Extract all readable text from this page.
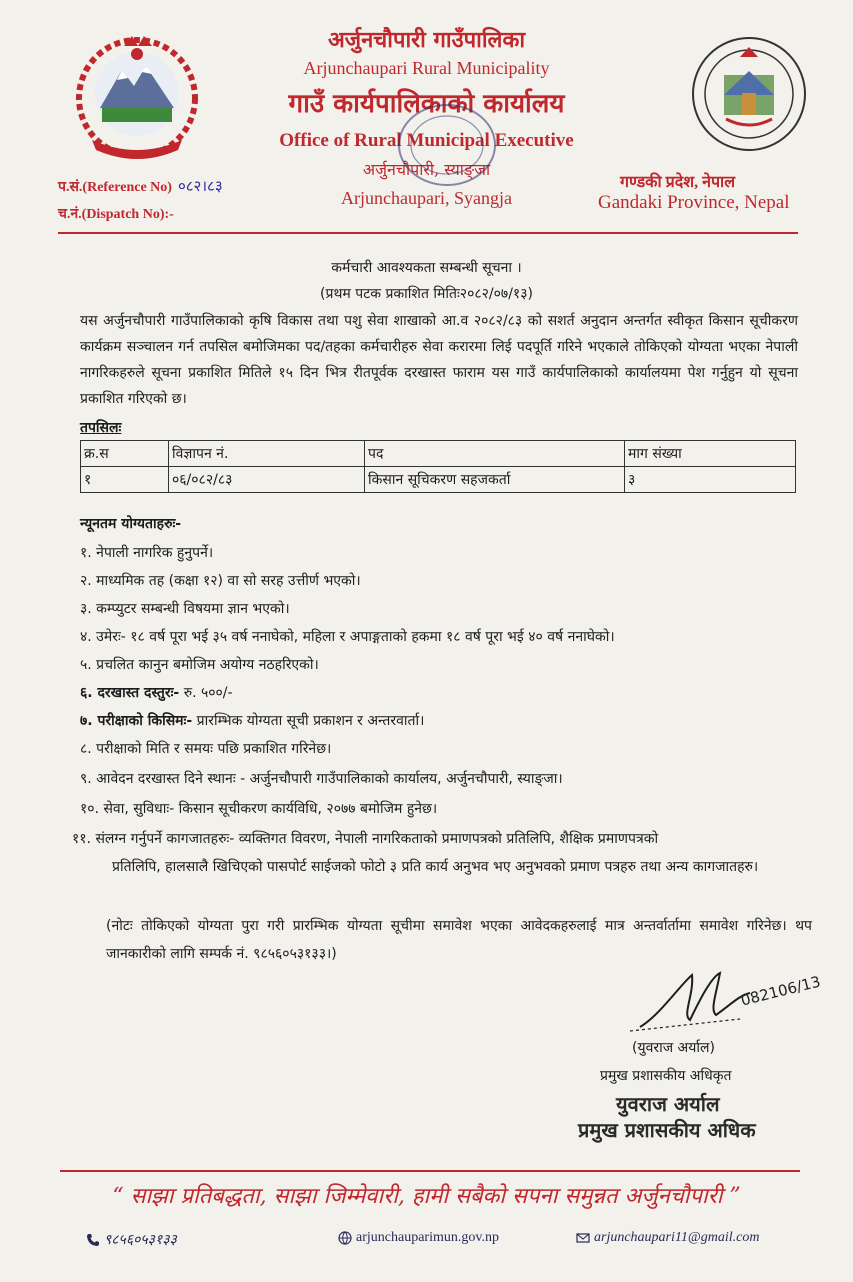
अर्जुनचौपारी गाउँपालिका
Arjunchaupari Rural Municipality
गाउँ कार्यपालिकाको कार्यालय
Office of Rural Municipal Executive
अर्जुनचौपारी, स्याङ्जा
Arjunchaupari, Syangja
प.सं.(Reference No) ०८२।८३
च.नं.(Dispatch No):-
गण्डकी प्रदेश, नेपाल
Gandaki Province, Nepal
कर्मचारी आवश्यकता सम्बन्धी सूचना ।
(प्रथम पटक प्रकाशित मितिः२०८२/०७/१३)
यस अर्जुनचौपारी गाउँपालिकाको कृषि विकास तथा पशु सेवा शाखाको आ.व २०८२/८३ को सशर्त अनुदान अन्तर्गत स्वीकृत किसान सूचीकरण कार्यक्रम सञ्चालन गर्न तपसिल बमोजिमका पद/तहका कर्मचारीहरु सेवा करारमा लिई पदपूर्ति गरिने भएकाले तोकिएको योग्यता भएका नेपाली नागरिकहरुले सूचना प्रकाशित मितिले १५ दिन भित्र रीतपूर्वक दरखास्त फाराम यस गाउँ कार्यपालिकाको कार्यालयमा पेश गर्नुहुन यो सूचना प्रकाशित गरिएको छ।
तपसिलः
क्र.स	विज्ञापन नं.	पद	माग संख्या
१	०६/०८२/८३	किसान सूचिकरण सहजकर्ता	३
न्यूनतम योग्यताहरुः-
१. नेपाली नागरिक हुनुपर्ने।
२. माध्यमिक तह (कक्षा १२) वा सो सरह उत्तीर्ण भएको।
३. कम्प्युटर सम्बन्धी विषयमा ज्ञान भएको।
४. उमेरः- १८ वर्ष पूरा भई ३५ वर्ष ननाघेको, महिला र अपाङ्गताको हकमा १८ वर्ष पूरा भई ४० वर्ष ननाघेको।
५. प्रचलित कानुन बमोजिम अयोग्य नठहरिएको।
६. दरखास्त दस्तुरः- रु. ५००/-
७. परीक्षाको किसिमः- प्रारम्भिक योग्यता सूची प्रकाशन र अन्तरवार्ता।
८. परीक्षाको मिति र समयः पछि प्रकाशित गरिनेछ।
९. आवेदन दरखास्त दिने स्थानः - अर्जुनचौपारी गाउँपालिकाको कार्यालय, अर्जुनचौपारी, स्याङ्जा।
१०. सेवा, सुविधाः- किसान सूचीकरण कार्यविधि, २०७७ बमोजिम हुनेछ।
११. संलग्न गर्नुपर्ने कागजातहरुः- व्यक्तिगत विवरण, नेपाली नागरिकताको प्रमाणपत्रको प्रतिलिपि, शैक्षिक प्रमाणपत्रको
प्रतिलिपि, हालसालै खिचिएको पासपोर्ट साईजको फोटो ३ प्रति कार्य अनुभव भए अनुभवको प्रमाण पत्रहरु तथा अन्य कागजातहरु।
(नोटः तोकिएको योग्यता पुरा गरी प्रारम्भिक योग्यता सूचीमा समावेश भएका आवेदकहरुलाई मात्र अन्तर्वार्तामा समावेश गरिनेछ। थप जानकारीको लागि सम्पर्क नं. ९८५६०५३१३३।)
082106/13
(युवराज अर्याल)
प्रमुख प्रशासकीय अधिकृत
युवराज अर्याल
प्रमुख प्रशासकीय अधिक
“ साझा प्रतिबद्धता, साझा जिम्मेवारी, हामी सबैको सपना समुन्नत अर्जुनचौपारी ”
९८५६०५३१३३	arjunchauparimun.gov.np	arjunchaupari11@gmail.com
